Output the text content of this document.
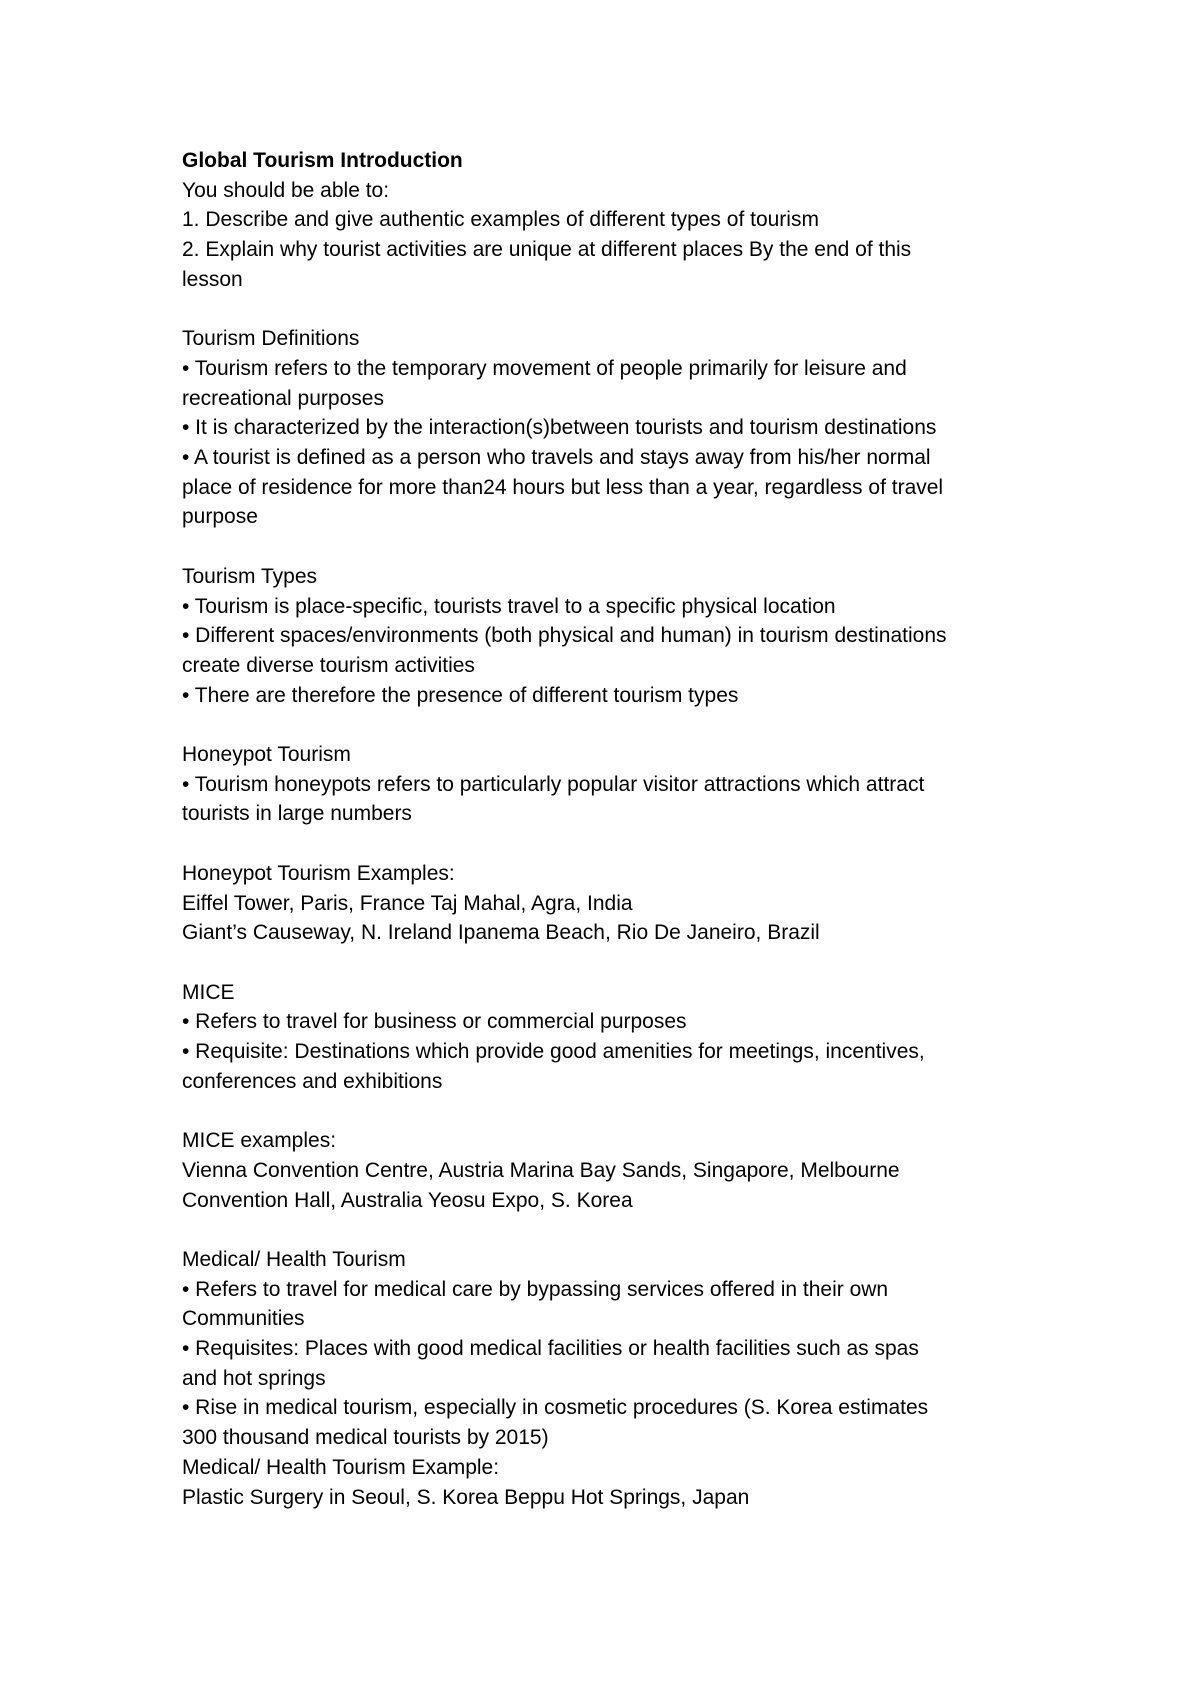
Global Tourism Introduction
You should be able to:
1. Describe and give authentic examples of different types of tourism
2. Explain why tourist activities are unique at different places By the end of this
lesson
Tourism Definitions
• Tourism refers to the temporary movement of people primarily for leisure and
recreational purposes
• It is characterized by the interaction(s)between tourists and tourism destinations
• A tourist is defined as a person who travels and stays away from his/her normal
place of residence for more than24 hours but less than a year, regardless of travel
purpose
Tourism Types
• Tourism is place-specific, tourists travel to a specific physical location
• Different spaces/environments (both physical and human) in tourism destinations
create diverse tourism activities
• There are therefore the presence of different tourism types
Honeypot Tourism
• Tourism honeypots refers to particularly popular visitor attractions which attract
tourists in large numbers
Honeypot Tourism Examples:
Eiffel Tower, Paris, France Taj Mahal, Agra, India
Giant’s Causeway, N. Ireland Ipanema Beach, Rio De Janeiro, Brazil
MICE
• Refers to travel for business or commercial purposes
• Requisite: Destinations which provide good amenities for meetings, incentives,
conferences and exhibitions
MICE examples:
Vienna Convention Centre, Austria Marina Bay Sands, Singapore, Melbourne
Convention Hall, Australia Yeosu Expo, S. Korea
Medical/ Health Tourism
• Refers to travel for medical care by bypassing services offered in their own
Communities
• Requisites: Places with good medical facilities or health facilities such as spas
and hot springs
• Rise in medical tourism, especially in cosmetic procedures (S. Korea estimates
300 thousand medical tourists by 2015)
Medical/ Health Tourism Example:
Plastic Surgery in Seoul, S. Korea Beppu Hot Springs, Japan
